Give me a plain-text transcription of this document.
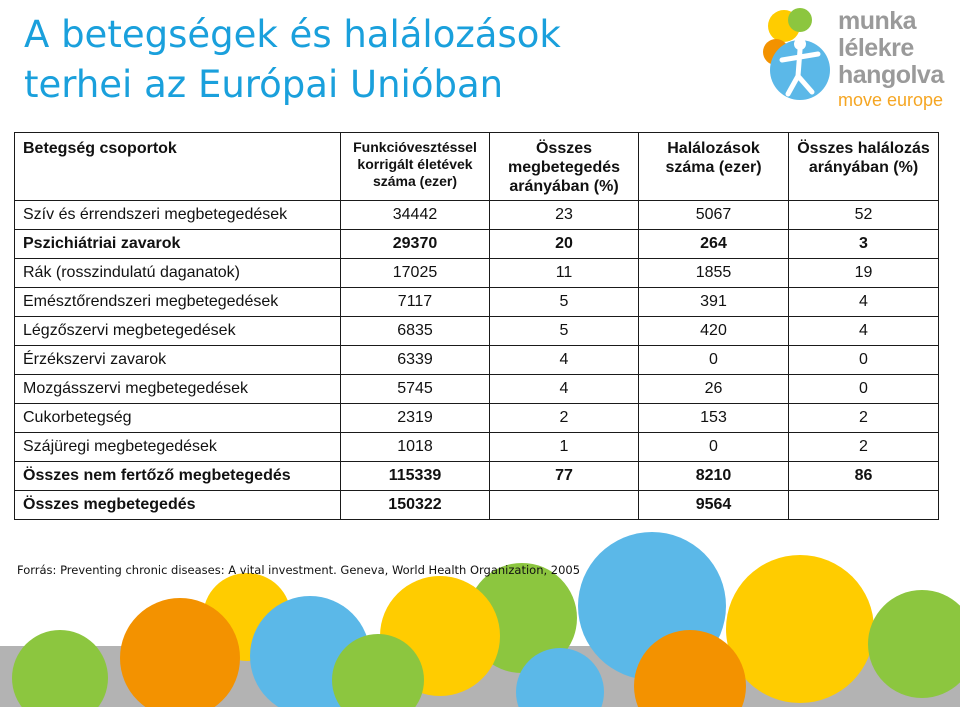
A betegségek és halálozások
terhei az Európai Unióban
munka
lélekre
hangolva
move europe
Betegség csoportok	Funkcióvesztéssel korrigált életévek száma (ezer)	Összes megbetegedés arányában (%)	Halálozások száma (ezer)	Összes halálozás arányában (%)
Szív és érrendszeri megbetegedések	34442	23	5067	52
Pszichiátriai zavarok	29370	20	264	3
Rák (rosszindulatú daganatok)	17025	11	1855	19
Emésztőrendszeri megbetegedések	7117	5	391	4
Légzőszervi megbetegedések	6835	5	420	4
Érzékszervi zavarok	6339	4	0	0
Mozgásszervi megbetegedések	5745	4	26	0
Cukorbetegség	2319	2	153	2
Szájüregi megbetegedések	1018	1	0	2
Összes nem fertőző megbetegedés	115339	77	8210	86
Összes megbetegedés	150322		9564	
Forrás: Preventing chronic diseases: A vital investment. Geneva, World Health Organization, 2005
